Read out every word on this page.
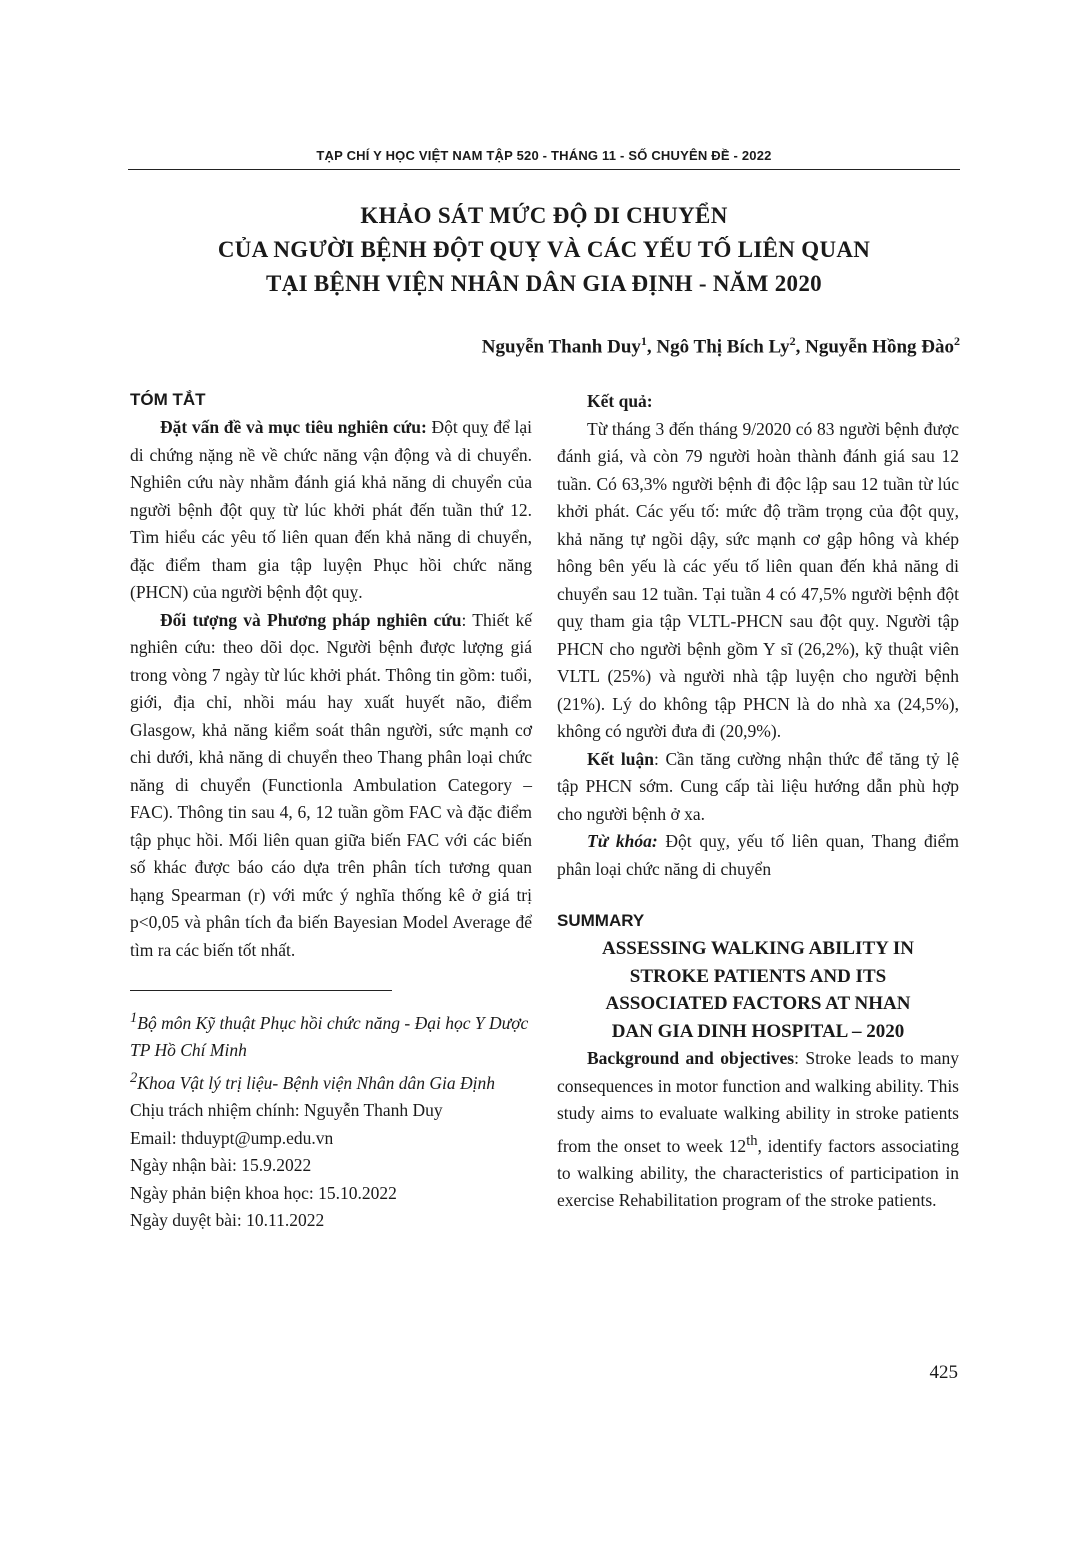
TẠP CHÍ Y HỌC VIỆT NAM TẬP 520 - THÁNG 11 - SỐ CHUYÊN ĐỀ - 2022
KHẢO SÁT MỨC ĐỘ DI CHUYỂN
CỦA NGƯỜI BỆNH ĐỘT QUỴ VÀ CÁC YẾU TỐ LIÊN QUAN
TẠI BỆNH VIỆN NHÂN DÂN GIA ĐỊNH - NĂM 2020
Nguyễn Thanh Duy$^1$, Ngô Thị Bích Ly$^2$, Nguyễn Hồng Đào$^2$
TÓM TẮT

Đặt vấn đề và mục tiêu nghiên cứu: Đột quỵ để lại di chứng nặng nề về chức năng vận động và di chuyển. Nghiên cứu này nhằm đánh giá khả năng di chuyển của người bệnh đột quỵ từ lúc khởi phát đến tuần thứ 12. Tìm hiểu các yêu tố liên quan đến khả năng di chuyển, đặc điểm tham gia tập luyện Phục hồi chức năng (PHCN) của người bệnh đột quỵ.

Đối tượng và Phương pháp nghiên cứu: Thiết kế nghiên cứu: theo dõi dọc. Người bệnh được lượng giá trong vòng 7 ngày từ lúc khởi phát. Thông tin gồm: tuổi, giới, địa chỉ, nhồi máu hay xuất huyết não, điểm Glasgow, khả năng kiểm soát thân người, sức mạnh cơ chi dưới, khả năng di chuyển theo Thang phân loại chức năng di chuyển (Functionla Ambulation Category – FAC). Thông tin sau 4, 6, 12 tuần gồm FAC và đặc điểm tập phục hồi. Mối liên quan giữa biến FAC với các biến số khác được báo cáo dựa trên phân tích tương quan hạng Spearman (r) với mức ý nghĩa thống kê ở giá trị p<0,05 và phân tích đa biến Bayesian Model Average để tìm ra các biến tốt nhất.

$^1$Bộ môn Kỹ thuật Phục hồi chức năng - Đại học Y Dược TP Hồ Chí Minh

$^2$Khoa Vật lý trị liệu- Bệnh viện Nhân dân Gia Định

Chịu trách nhiệm chính: Nguyễn Thanh Duy

Email: thduypt@ump.edu.vn

Ngày nhận bài: 15.9.2022

Ngày phản biện khoa học: 15.10.2022

Ngày duyệt bài: 10.11.2022

Kết quả:

Từ tháng 3 đến tháng 9/2020 có 83 người bệnh được đánh giá, và còn 79 người hoàn thành đánh giá sau 12 tuần. Có 63,3% người bệnh đi độc lập sau 12 tuần từ lúc khởi phát. Các yếu tố: mức độ trầm trọng của đột quỵ, khả năng tự ngồi dậy, sức mạnh cơ gập hông và khép hông bên yếu là các yếu tố liên quan đến khả năng di chuyển sau 12 tuần. Tại tuần 4 có 47,5% người bệnh đột quỵ tham gia tập VLTL-PHCN sau đột quỵ. Người tập PHCN cho người bệnh gồm Y sĩ (26,2%), kỹ thuật viên VLTL (25%) và người nhà tập luyện cho người bệnh (21%). Lý do không tập PHCN là do nhà xa (24,5%), không có người đưa đi (20,9%).

Kết luận: Cần tăng cường nhận thức để tăng tỷ lệ tập PHCN sớm. Cung cấp tài liệu hướng dẫn phù hợp cho người bệnh ở xa.

Từ khóa: Đột quỵ, yếu tố liên quan, Thang điểm phân loại chức năng di chuyển

SUMMARY

ASSESSING WALKING ABILITY IN

STROKE PATIENTS AND ITS

ASSOCIATED FACTORS AT NHAN

DAN GIA DINH HOSPITAL – 2020

Background and objectives: Stroke leads to many consequences in motor function and walking ability. This study aims to evaluate walking ability in stroke patients from the onset to week 12th, identify factors associating to walking ability, the characteristics of participation in exercise Rehabilitation program of the stroke patients.

425
